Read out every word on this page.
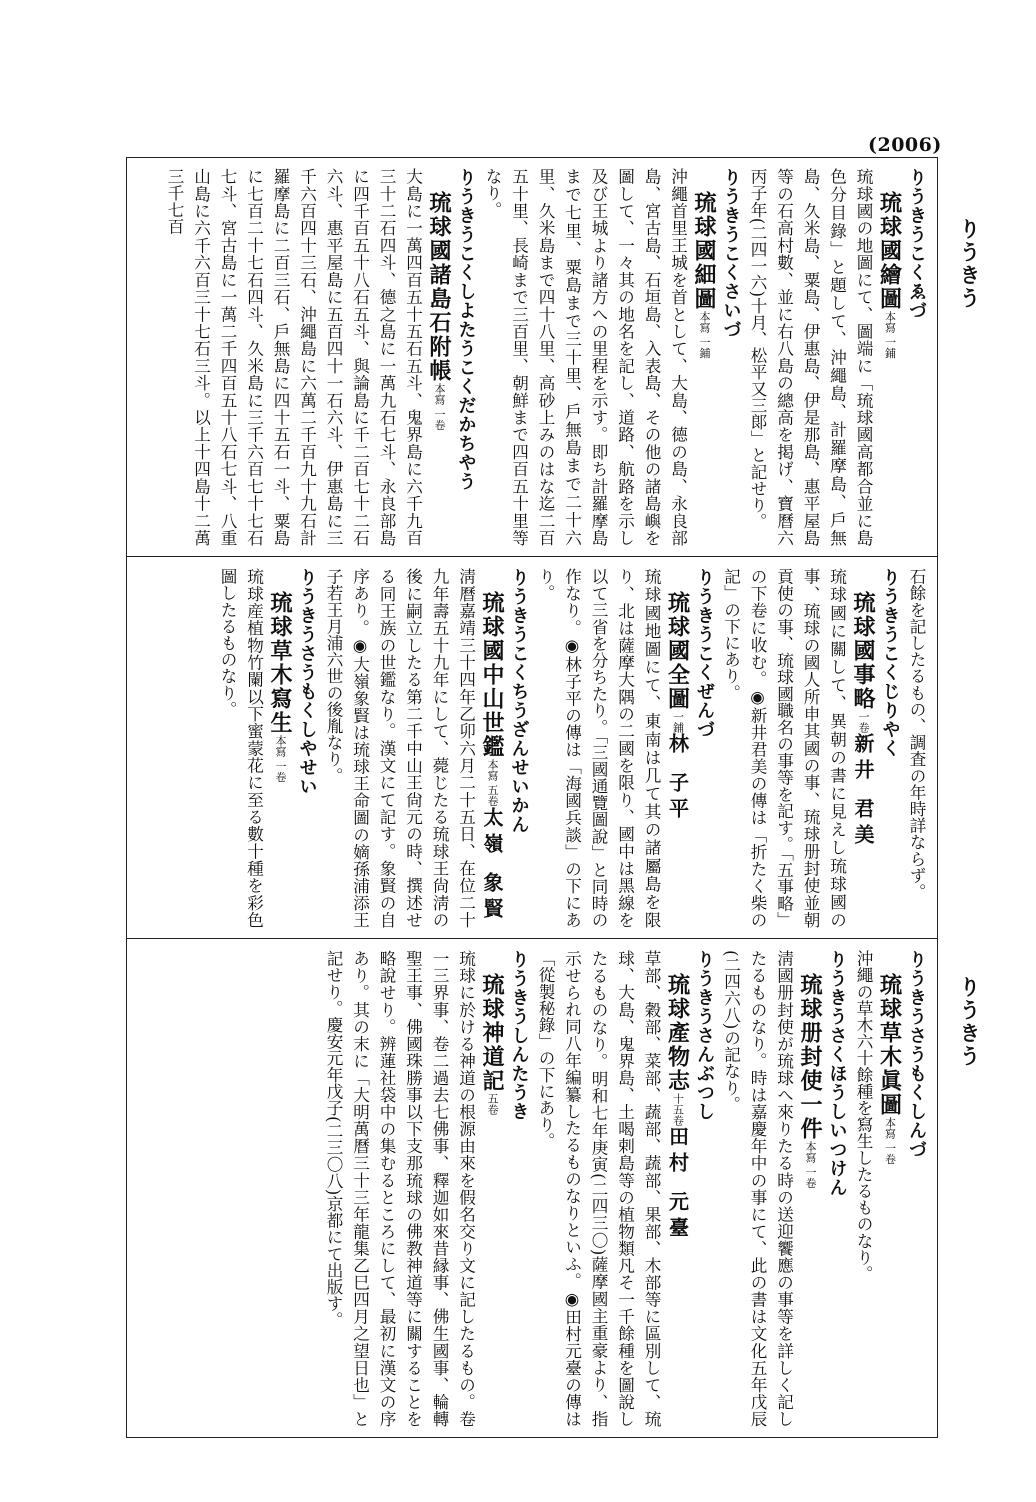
(2006)
りうきう
りうきう
りうきうこくゑづ
琉球國繪圖本寫 一鋪
琉球國の地圖にて、圖端に「琉球國高都合並に島色分目錄」と題して、沖繩島、計羅摩島、戶無島、久米島、粟島、伊惠島、伊是那島、惠平屋島等の石高村數、並に右八島の總高を掲げ、寶曆六丙子年(二四一六)十月、松平又三郞」と記せり。
りうきうこくさいづ
琉球國細圖本寫 一鋪
沖繩首里王城を首として、大島、德の島、永良部島、宮古島、石垣島、入表島、その他の諸島嶼を圖して、一々其の地名を記し、道路、航路を示し及び王城より諸方への里程を示す。即ち計羅摩島まで七里、粟島まで三十里、戶無島まで二十六里、久米島まで四十八里、高砂上みのはな迄二百五十里、長崎まで三百里、朝鮮まで四百五十里等なり。
りうきうこくしよたうこくだかちやう
琉球國諸島石附帳本寫 一卷
大島に一萬四百五十五石五斗、鬼界島に六千九百三十二石四斗、德之島に一萬九石七斗、永良部島に四千百五十八石五斗、與論島に千二百七十二石六斗、惠平屋島に五百四十一石六斗、伊惠島に三千六百四十三石、沖繩島に六萬二千百九十九石計羅摩島に二百三石、戶無島に四十五石一斗、粟島に七百二十七石四斗、久米島に三千六百七十七石七斗、宮古島に一萬二千四百五十八石七斗、八重山島に六千六百三十七石三斗。以上十四島十二萬三千七百
石餘を記したるもの、調査の年時詳ならず。
りうきうこくじりやく
琉球國事略一卷新井 君美
琉球國に關して、異朝の書に見えし琉球國の事、琉球の國人所申其國の事、琉球册封使並朝貢使の事、琉球國職名の事等を記す。「五事略」の下卷に收む。◉新井君美の傳は「折たく柴の記」の下にあり。
りうきうこくぜんづ
琉球國全圖一鋪林 子平
琉球國地圖にて、東南は几て其の諸屬島を限り、北は薩摩大隅の二國を限り、國中は黑線を以て三省を分ちたり。「三國通覽圖說」と同時の作なり。◉林子平の傳は「海國兵談」の下にあり。
りうきうこくちうざんせいかん
琉球國中山世鑑本寫 五卷太嶺 象賢
淸曆嘉靖三十四年乙卯六月二十五日、在位二十九年壽五十九年にして、薨じたる琉球王尙淸の後に嗣立したる第二千中山王尙元の時、撰述せる同王族の世鑑なり。漢文にて記す。象賢の自序あり。◉大嶺象賢は琉球王命圖の嫡孫浦添王子若王月浦六世の後胤なり。
りうきうさうもくしやせい
琉球草木寫生本寫 一卷
琉球産植物竹闌以下蜜蒙花に至る數十種を彩色圖したるものなり。
りうきうさうもくしんづ
琉球草木眞圖本寫 一卷
沖繩の草木六十餘種を寫生したるものなり。
りうきうさくほうしいつけん
琉球册封使一件本寫 一卷
淸國册封使が琉球へ來りたる時の送迎饗應の事等を詳しく記したるものなり。時は嘉慶年中の事にて、此の書は文化五年戊辰(二四六八)の記なり。
りうきうさんぶつし
琉球產物志十五卷田村 元臺
草部、穀部、菜部、蔬部、蔬部、果部、木部等に區別して、琉球、大島、鬼界島、土喝剌島等の植物類凡そ一千餘種を圖說したるものなり。明和七年庚寅(二四三〇)薩摩國主重豪より、指示せられ同八年編纂したるものなりといふ。◉田村元臺の傳は「從製秘錄」の下にあり。
りうきうしんたうき
琉球神道記五卷
琉球に於ける神道の根源由來を假名交り文に記したるもの。卷一三界事、卷二過去七佛事、釋迦如來昔縁事、佛生國事、輪轉聖王事、佛國珠勝事以下支那琉球の佛教神道等に關することを略說せり。辨蓮社袋中の集むるところにして、最初に漢文の序あり。其の末に「大明萬曆三十三年龍集乙巳四月之望日也」と記せり。慶安元年戊子(二三〇八)京都にて出版す。
